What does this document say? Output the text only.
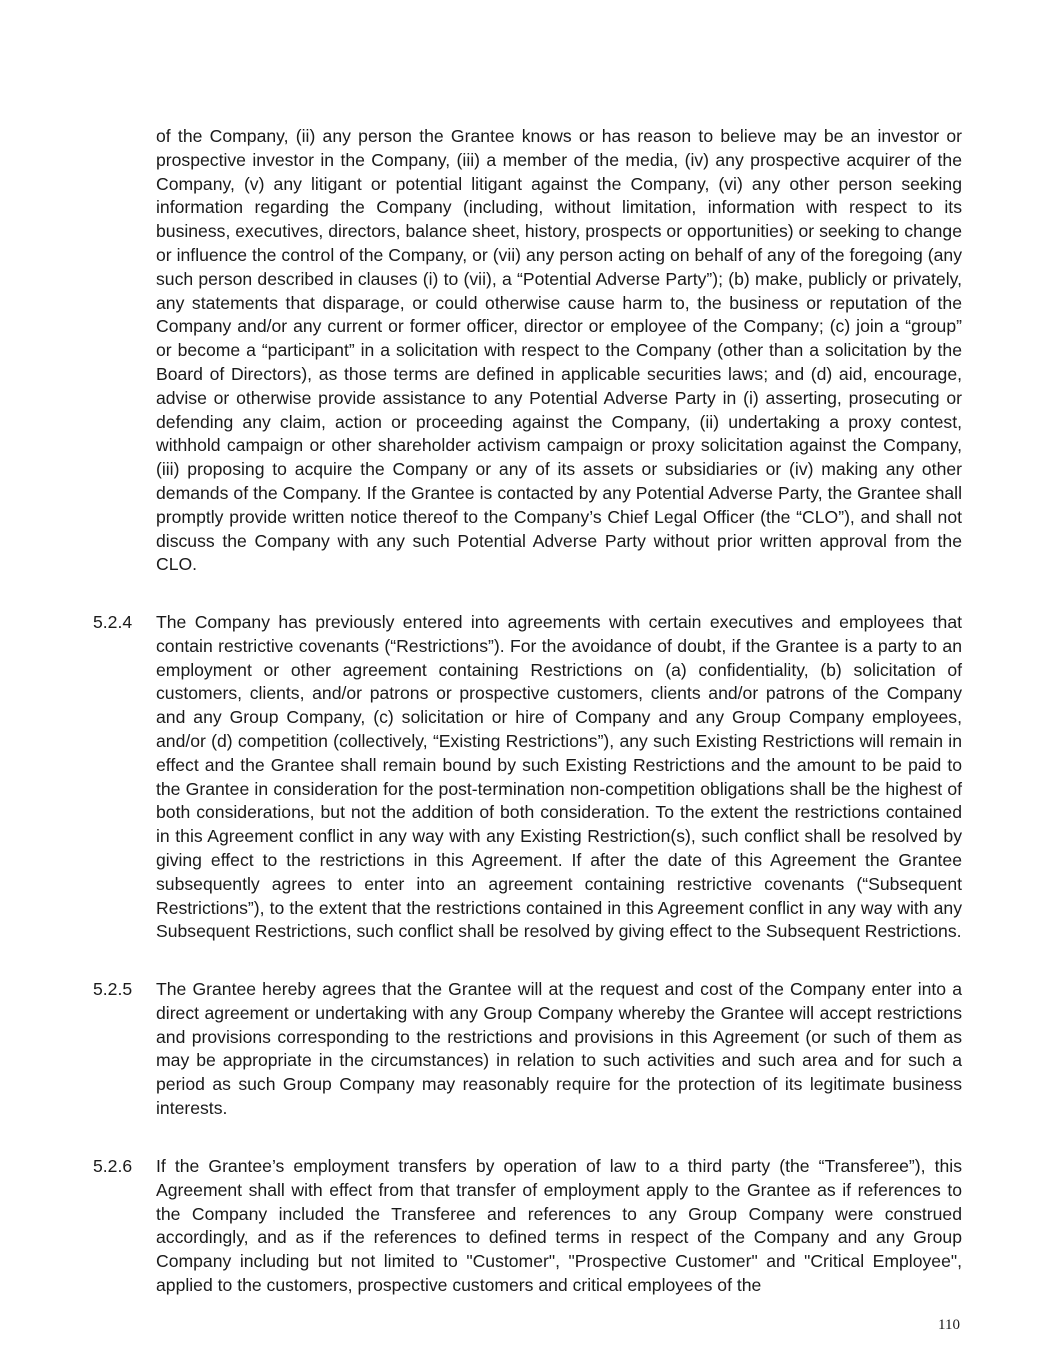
of the Company, (ii) any person the Grantee knows or has reason to believe may be an investor or prospective investor in the Company, (iii) a member of the media, (iv) any prospective acquirer of the Company, (v) any litigant or potential litigant against the Company, (vi) any other person seeking information regarding the Company (including, without limitation, information with respect to its business, executives, directors, balance sheet, history, prospects or opportunities) or seeking to change or influence the control of the Company, or (vii) any person acting on behalf of any of the foregoing (any such person described in clauses (i) to (vii), a “Potential Adverse Party”); (b) make, publicly or privately, any statements that disparage, or could otherwise cause harm to, the business or reputation of the Company and/or any current or former officer, director or employee of the Company; (c) join a “group” or become a “participant” in a solicitation with respect to the Company (other than a solicitation by the Board of Directors), as those terms are defined in applicable securities laws; and (d) aid, encourage, advise or otherwise provide assistance to any Potential Adverse Party in (i) asserting, prosecuting or defending any claim, action or proceeding against the Company, (ii) undertaking a proxy contest, withhold campaign or other shareholder activism campaign or proxy solicitation against the Company, (iii) proposing to acquire the Company or any of its assets or subsidiaries or (iv) making any other demands of the Company. If the Grantee is contacted by any Potential Adverse Party, the Grantee shall promptly provide written notice thereof to the Company’s Chief Legal Officer (the “CLO”), and shall not discuss the Company with any such Potential Adverse Party without prior written approval from the CLO.

5.2.4 The Company has previously entered into agreements with certain executives and employees that contain restrictive covenants (“Restrictions”). For the avoidance of doubt, if the Grantee is a party to an employment or other agreement containing Restrictions on (a) confidentiality, (b) solicitation of customers, clients, and/or patrons or prospective customers, clients and/or patrons of the Company and any Group Company, (c) solicitation or hire of Company and any Group Company employees, and/or (d) competition (collectively, “Existing Restrictions”), any such Existing Restrictions will remain in effect and the Grantee shall remain bound by such Existing Restrictions and the amount to be paid to the Grantee in consideration for the post-termination non-competition obligations shall be the highest of both considerations, but not the addition of both consideration. To the extent the restrictions contained in this Agreement conflict in any way with any Existing Restriction(s), such conflict shall be resolved by giving effect to the restrictions in this Agreement. If after the date of this Agreement the Grantee subsequently agrees to enter into an agreement containing restrictive covenants (“Subsequent Restrictions”), to the extent that the restrictions contained in this Agreement conflict in any way with any Subsequent Restrictions, such conflict shall be resolved by giving effect to the Subsequent Restrictions.

5.2.5 The Grantee hereby agrees that the Grantee will at the request and cost of the Company enter into a direct agreement or undertaking with any Group Company whereby the Grantee will accept restrictions and provisions corresponding to the restrictions and provisions in this Agreement (or such of them as may be appropriate in the circumstances) in relation to such activities and such area and for such a period as such Group Company may reasonably require for the protection of its legitimate business interests.

5.2.6 If the Grantee’s employment transfers by operation of law to a third party (the “Transferee”), this Agreement shall with effect from that transfer of employment apply to the Grantee as if references to the Company included the Transferee and references to any Group Company were construed accordingly, and as if the references to defined terms in respect of the Company and any Group Company including but not limited to "Customer", "Prospective Customer" and "Critical Employee", applied to the customers, prospective customers and critical employees of the

110
